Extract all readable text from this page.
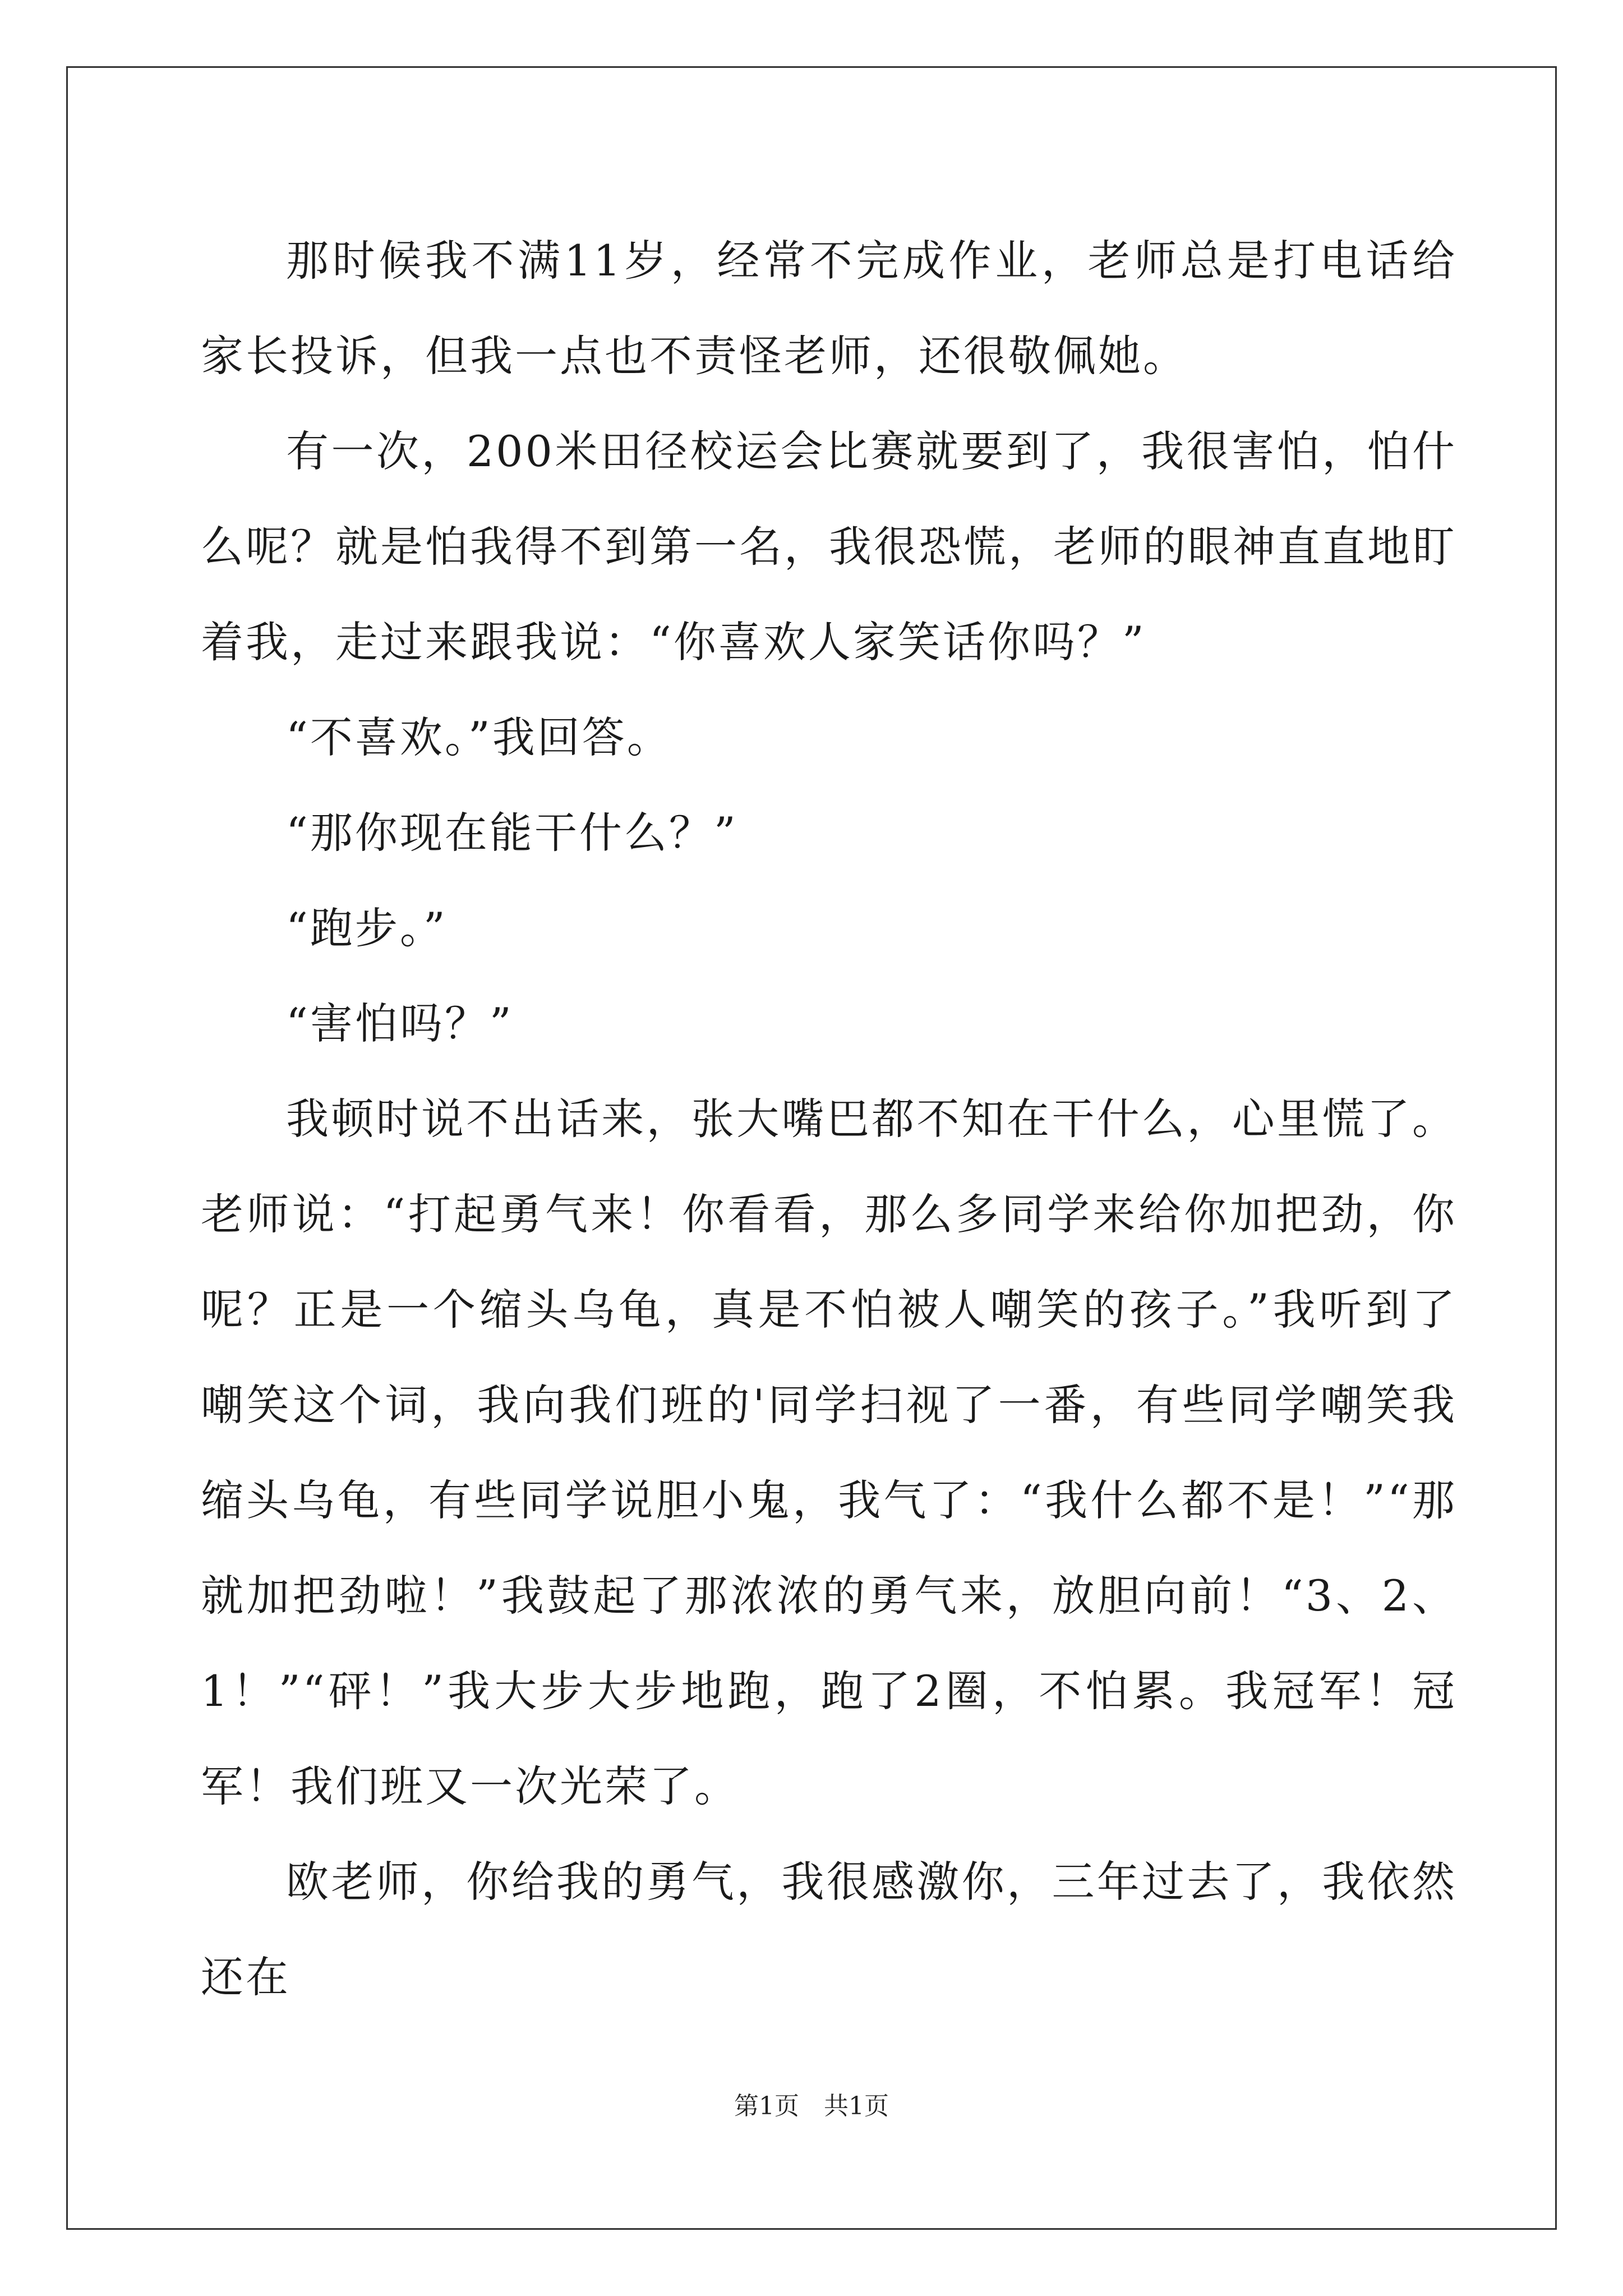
那时候我不满11岁，经常不完成作业，老师总是打电话给家长投诉，但我一点也不责怪老师，还很敬佩她。

有一次，200米田径校运会比赛就要到了，我很害怕，怕什么呢？就是怕我得不到第一名，我很恐慌，老师的眼神直直地盯着我，走过来跟我说：“你喜欢人家笑话你吗？”

“不喜欢。”我回答。

“那你现在能干什么？”

“跑步。”

“害怕吗？”

我顿时说不出话来，张大嘴巴都不知在干什么，心里慌了。老师说：“打起勇气来！你看看，那么多同学来给你加把劲，你呢？正是一个缩头乌龟，真是不怕被人嘲笑的孩子。”我听到了嘲笑这个词，我向我们班的'同学扫视了一番，有些同学嘲笑我缩头乌龟，有些同学说胆小鬼，我气了：“我什么都不是！”“那就加把劲啦！”我鼓起了那浓浓的勇气来，放胆向前！“3、2、1！”“砰！”我大步大步地跑，跑了2圈，不怕累。我冠军！冠军！我们班又一次光荣了。

欧老师，你给我的勇气，我很感激你，三年过去了，我依然还在

第1页　共1页
